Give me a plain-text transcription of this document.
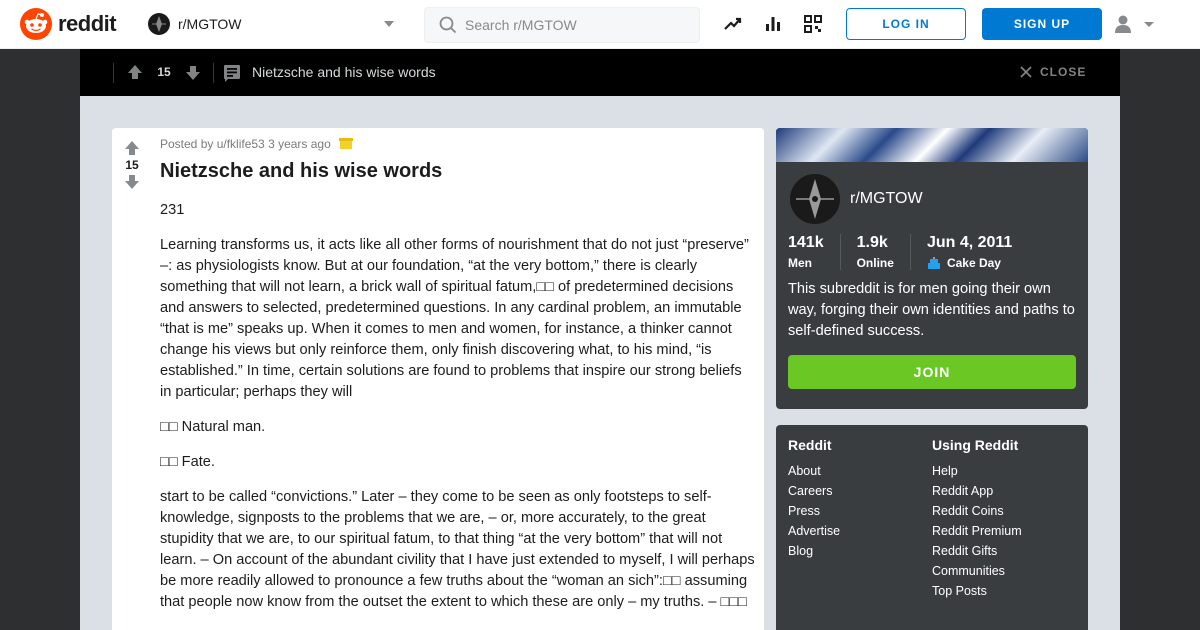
reddit	r/MGTOW
Search r/MGTOW	LOG IN	SIGN UP
15	Nietzsche and his wise words	CLOSE
15
Posted by u/fklife53 3 years ago
Nietzsche and his wise words

231

Learning transforms us, it acts like all other forms of nourishment that do not just “preserve” –: as physiologists know. But at our foundation, “at the very bottom,” there is clearly something that will not learn, a brick wall of spiritual fatum,□□ of predetermined decisions and answers to selected, predetermined questions. In any cardinal problem, an immutable “that is me” speaks up. When it comes to men and women, for instance, a thinker cannot change his views but only reinforce them, only finish discovering what, to his mind, “is established.” In time, certain solutions are found to problems that inspire our strong beliefs in particular; perhaps they will

□□ Natural man.

□□ Fate.

start to be called “convictions.” Later – they come to be seen as only footsteps to self-knowledge, signposts to the problems that we are, – or, more accurately, to the great stupidity that we are, to our spiritual fatum, to that thing “at the very bottom” that will not learn. – On account of the abundant civility that I have just extended to myself, I will perhaps be more readily allowed to pronounce a few truths about the “woman an sich”:□□ assuming that people now know from the outset the extent to which these are only – my truths. – □□□

r/MGTOW
141k
Men
1.9k
Online
Jun 4, 2011
Cake Day
This subreddit is for men going their own way, forging their own identities and paths to self-defined success.
JOIN
Reddit
About
Careers
Press
Advertise
Blog
Using Reddit
Help
Reddit App
Reddit Coins
Reddit Premium
Reddit Gifts
Communities
Top Posts
